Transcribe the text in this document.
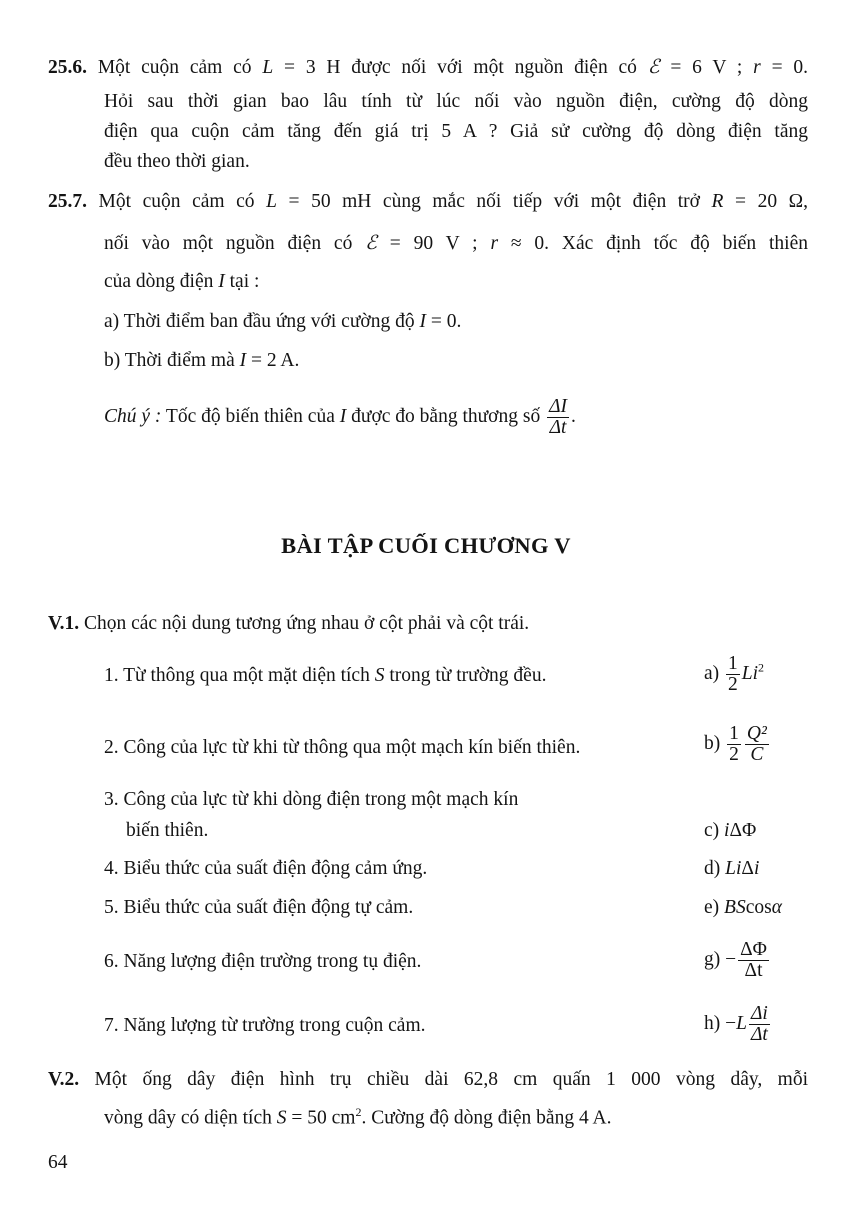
25.6. Một cuộn cảm có L = 3 H được nối với một nguồn điện có ℰ = 6 V ; r = 0.
Hỏi sau thời gian bao lâu tính từ lúc nối vào nguồn điện, cường độ dòng
điện qua cuộn cảm tăng đến giá trị 5 A ? Giả sử cường độ dòng điện tăng
đều theo thời gian.
25.7. Một cuộn cảm có L = 50 mH cùng mắc nối tiếp với một điện trở R = 20 Ω,
nối vào một nguồn điện có ℰ = 90 V ; r ≈ 0. Xác định tốc độ biến thiên
của dòng điện I tại :
a) Thời điểm ban đầu ứng với cường độ I = 0.
b) Thời điểm mà I = 2 A.
Chú ý : Tốc độ biến thiên của I được đo bằng thương số $\frac{\Delta I}{\Delta t}$ .
BÀI TẬP CUỐI CHƯƠNG V
V.1. Chọn các nội dung tương ứng nhau ở cột phải và cột trái.
1. Từ thông qua một mặt diện tích S trong từ trường đều.
2. Công của lực từ khi từ thông qua một mạch kín biến thiên.
3. Công của lực từ khi dòng điện trong một mạch kín
biến thiên.
4. Biểu thức của suất điện động cảm ứng.
5. Biểu thức của suất điện động tự cảm.
6. Năng lượng điện trường trong tụ điện.
7. Năng lượng từ trường trong cuộn cảm.
$a) \frac{1}{2} Li^2$
$b) \frac{1}{2} \frac{\text{Q²}}{C}$
c) iΔΦ
d) LiΔi
e) BScosα
$g) - \frac{\Delta\Phi}{\Delta t}$
$h) -L \frac{\Delta i}{\Delta t}$
V.2. Một ống dây điện hình trụ chiều dài 62,8 cm quấn 1 000 vòng dây, mỗi
vòng dây có diện tích S = 50 $cm^2$. Cường độ dòng điện bằng 4 A.
64
